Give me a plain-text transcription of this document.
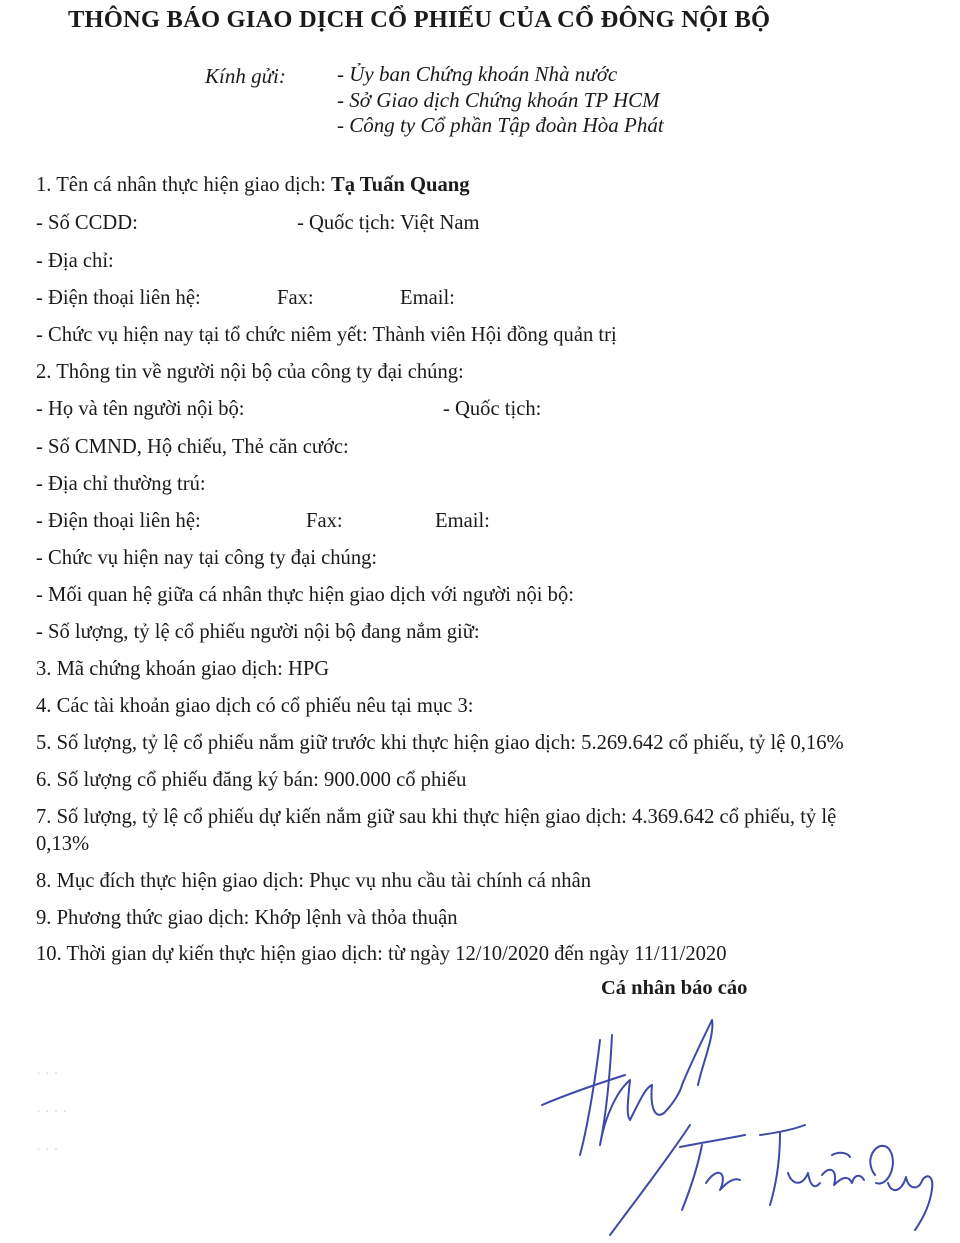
THÔNG BÁO GIAO DỊCH CỔ PHIẾU CỦA CỔ ĐÔNG NỘI BỘ
Kính gửi: - Ủy ban Chứng khoán Nhà nước
- Sở Giao dịch Chứng khoán TP HCM
- Công ty Cổ phần Tập đoàn Hòa Phát
1. Tên cá nhân thực hiện giao dịch: Tạ Tuấn Quang
- Số CCDD:	- Quốc tịch: Việt Nam
- Địa chỉ:
- Điện thoại liên hệ:	Fax:	Email:
- Chức vụ hiện nay tại tổ chức niêm yết: Thành viên Hội đồng quản trị
2. Thông tin về người nội bộ của công ty đại chúng:
- Họ và tên người nội bộ:	- Quốc tịch:
- Số CMND, Hộ chiếu, Thẻ căn cước:
- Địa chỉ thường trú:
- Điện thoại liên hệ:	Fax:	Email:
- Chức vụ hiện nay tại công ty đại chúng:
- Mối quan hệ giữa cá nhân thực hiện giao dịch với người nội bộ:
- Số lượng, tỷ lệ cổ phiếu người nội bộ đang nắm giữ:
3. Mã chứng khoán giao dịch: HPG
4. Các tài khoản giao dịch có cổ phiếu nêu tại mục 3:
5. Số lượng, tỷ lệ cổ phiếu nắm giữ trước khi thực hiện giao dịch: 5.269.642 cổ phiếu, tỷ lệ 0,16%
6. Số lượng cổ phiếu đăng ký bán: 900.000 cổ phiếu
7. Số lượng, tỷ lệ cổ phiếu dự kiến nắm giữ sau khi thực hiện giao dịch: 4.369.642 cổ phiếu, tỷ lệ
0,13%
8. Mục đích thực hiện giao dịch: Phục vụ nhu cầu tài chính cá nhân
9. Phương thức giao dịch: Khớp lệnh và thỏa thuận
10. Thời gian dự kiến thực hiện giao dịch: từ ngày 12/10/2020 đến ngày 11/11/2020
Cá nhân báo cáo
· · ·
· · · ·
· · ·
